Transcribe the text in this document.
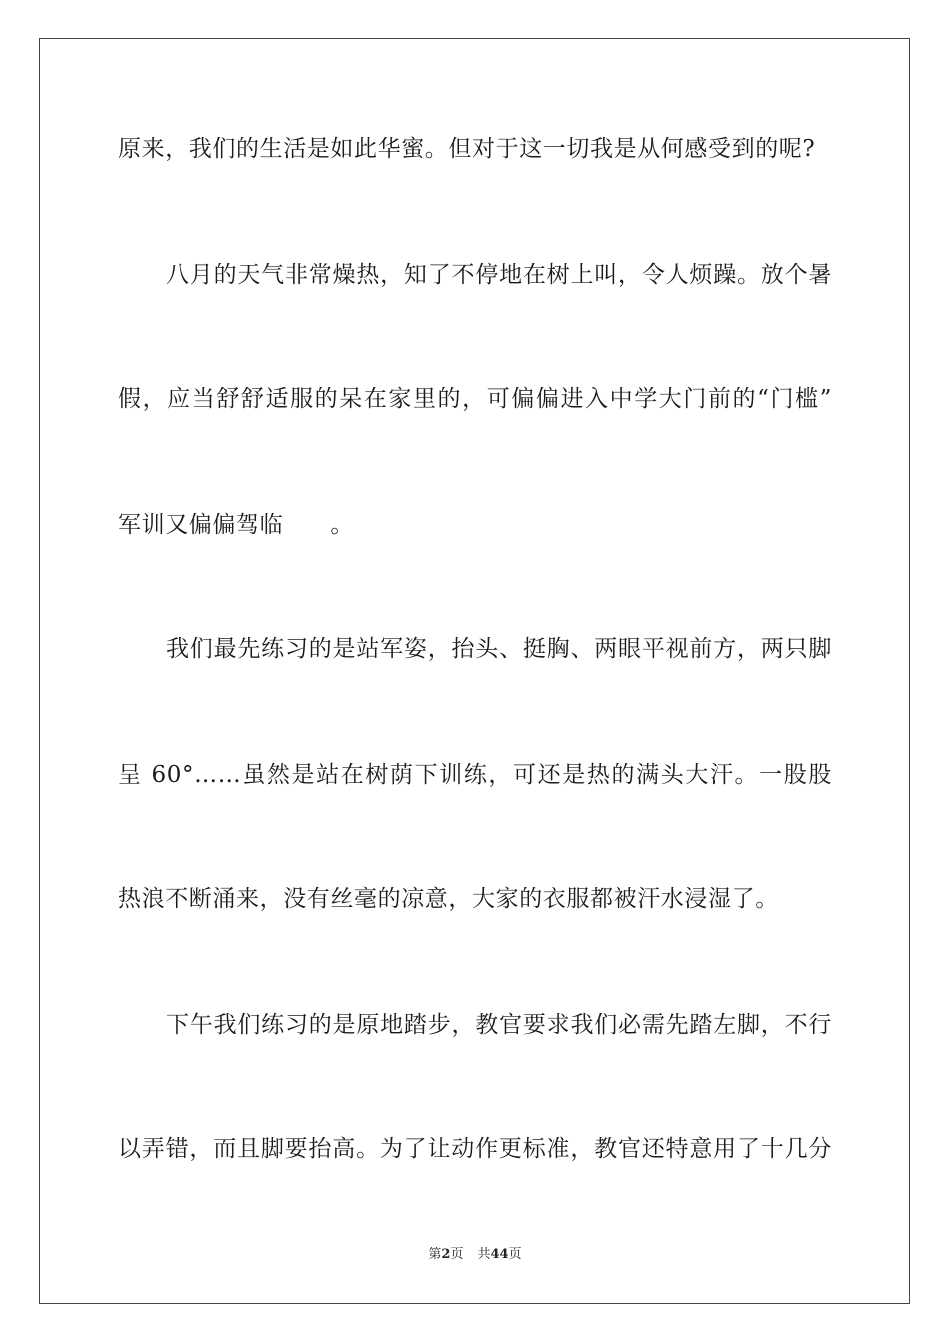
原来，我们的生活是如此华蜜。但对于这一切我是从何感受到的呢?
八月的天气非常燥热，知了不停地在树上叫，令人烦躁。放个暑
假，应当舒舒适服的呆在家里的，可偏偏进入中学大门前的“门槛”
军训又偏偏驾临　　。
我们最先练习的是站军姿，抬头、挺胸、两眼平视前方，两只脚
呈 60°……虽然是站在树荫下训练，可还是热的满头大汗。一股股
热浪不断涌来，没有丝毫的凉意，大家的衣服都被汗水浸湿了。
下午我们练习的是原地踏步，教官要求我们必需先踏左脚，不行
以弄错，而且脚要抬高。为了让动作更标准，教官还特意用了十几分
第2页 共44页
